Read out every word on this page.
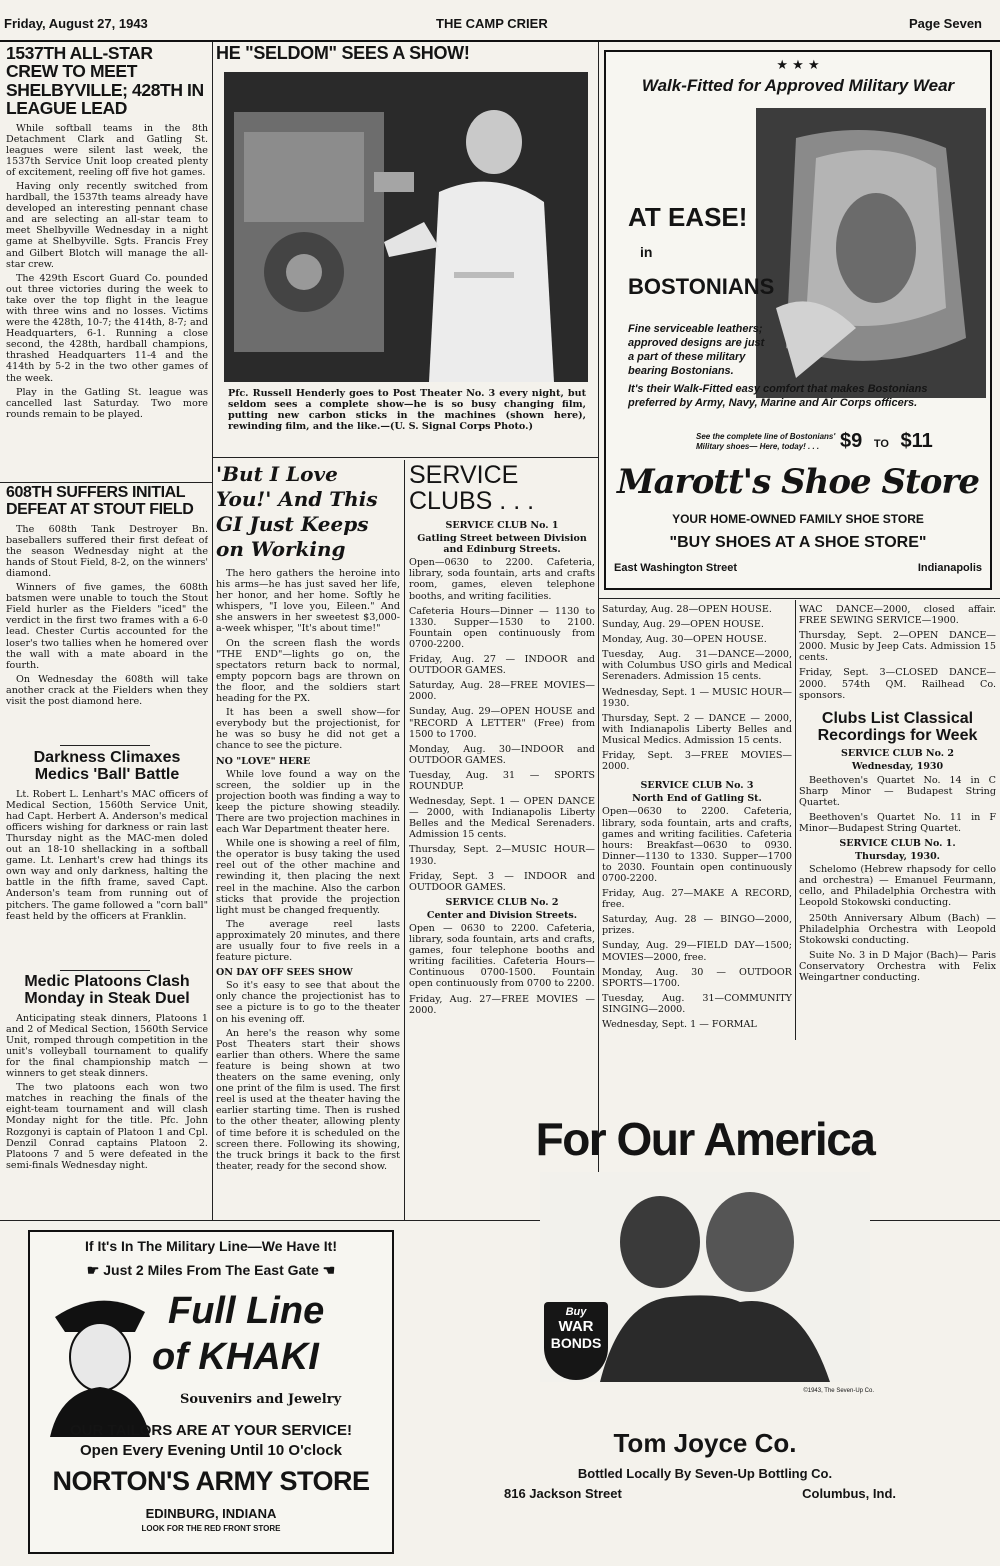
Friday, August 27, 1943	THE CAMP CRIER	Page Seven
1537TH ALL-STAR CREW TO MEET SHELBYVILLE; 428TH IN LEAGUE LEAD

While softball teams in the 8th Detachment Clark and Gatling St. leagues were silent last week, the 1537th Service Unit loop created plenty of excitement, reeling off five hot games.

Having only recently switched from hardball, the 1537th teams already have developed an interesting pennant chase and are selecting an all-star team to meet Shelbyville Wednesday in a night game at Shelbyville. Sgts. Francis Frey and Gilbert Blotch will manage the all-star crew.

The 429th Escort Guard Co. pounded out three victories during the week to take over the top flight in the league with three wins and no losses. Victims were the 428th, 10-7; the 414th, 8-7; and Headquarters, 6-1. Running a close second, the 428th, hardball champions, thrashed Headquarters 11-4 and the 414th by 5-2 in the two other games of the week.

Play in the Gatling St. league was cancelled last Saturday. Two more rounds remain to be played.

608TH SUFFERS INITIAL DEFEAT AT STOUT FIELD

The 608th Tank Destroyer Bn. baseballers suffered their first defeat of the season Wednesday night at the hands of Stout Field, 8-2, on the winners' diamond.

Winners of five games, the 608th batsmen were unable to touch the Stout Field hurler as the Fielders "iced" the verdict in the first two frames with a 6-0 lead. Chester Curtis accounted for the loser's two tallies when he homered over the wall with a mate aboard in the fourth.

On Wednesday the 608th will take another crack at the Fielders when they visit the post diamond here.

Darkness Climaxes Medics 'Ball' Battle

Lt. Robert L. Lenhart's MAC officers of Medical Section, 1560th Service Unit, had Capt. Herbert A. Anderson's medical officers wishing for darkness or rain last Thursday night as the MAC-men doled out an 18-10 shellacking in a softball game. Lt. Lenhart's crew had things its own way and only darkness, halting the battle in the fifth frame, saved Capt. Anderson's team from running out of pitchers. The game followed a "corn ball" feast held by the officers at Franklin.

Medic Platoons Clash Monday in Steak Duel

Anticipating steak dinners, Platoons 1 and 2 of Medical Section, 1560th Service Unit, romped through competition in the unit's volleyball tournament to qualify for the final championship match — winners to get steak dinners.

The two platoons each won two matches in reaching the finals of the eight-team tournament and will clash Monday night for the title. Pfc. John Rozgonyi is captain of Platoon 1 and Cpl. Denzil Conrad captains Platoon 2. Platoons 7 and 5 were defeated in the semi-finals Wednesday night.

HE "SELDOM" SEES A SHOW!
Pfc. Russell Henderly goes to Post Theater No. 3 every night, but seldom sees a complete show—he is so busy changing film, putting new carbon sticks in the machines (shown here), rewinding film, and the like.—(U. S. Signal Corps Photo.)
'But I Love You!' And This GI Just Keeps on Working

The hero gathers the heroine into his arms—he has just saved her life, her honor, and her home. Softly he whispers, "I love you, Eileen." And she answers in her sweetest $3,000-a-week whisper, "It's about time!"

On the screen flash the words "THE END"—lights go on, the spectators return back to normal, empty popcorn bags are thrown on the floor, and the soldiers start heading for the PX.

It has been a swell show—for everybody but the projectionist, for he was so busy he did not get a chance to see the picture.

NO "LOVE" HERE

While love found a way on the screen, the soldier up in the projection booth was finding a way to keep the picture showing steadily. There are two projection machines in each War Department theater here.

While one is showing a reel of film, the operator is busy taking the used reel out of the other machine and rewinding it, then placing the next reel in the machine. Also the carbon sticks that provide the projection light must be changed frequently.

The average reel lasts approximately 20 minutes, and there are usually four to five reels in a feature picture.

ON DAY OFF SEES SHOW

So it's easy to see that about the only chance the projectionist has to see a picture is to go to the theater on his evening off.

An here's the reason why some Post Theaters start their shows earlier than others. Where the same feature is being shown at two theaters on the same evening, only one print of the film is used. The first reel is used at the theater having the earlier starting time. Then is rushed to the other theater, allowing plenty of time before it is scheduled on the screen there. Following its showing, the truck brings it back to the first theater, ready for the second show.

SERVICE
CLUBS . . .
SERVICE CLUB No. 1
Gatling Street between Division and Edinburg Streets.

Open—0630 to 2200. Cafeteria, library, soda fountain, arts and crafts room, games, eleven telephone booths, and writing facilities.

Cafeteria Hours—Dinner — 1130 to 1330. Supper—1530 to 2100. Fountain open continuously from 0700-2200.

Friday, Aug. 27 — INDOOR and OUTDOOR GAMES.

Saturday, Aug. 28—FREE MOVIES—2000.

Sunday, Aug. 29—OPEN HOUSE and "RECORD A LETTER" (Free) from 1500 to 1700.

Monday, Aug. 30—INDOOR and OUTDOOR GAMES.

Tuesday, Aug. 31 — SPORTS ROUNDUP.

Wednesday, Sept. 1 — OPEN DANCE — 2000, with Indianapolis Liberty Belles and the Medical Serenaders. Admission 15 cents.

Thursday, Sept. 2—MUSIC HOUR—1930.

Friday, Sept. 3 — INDOOR and OUTDOOR GAMES.

SERVICE CLUB No. 2
Center and Division Streets.

Open — 0630 to 2200. Cafeteria, library, soda fountain, arts and crafts, games, four telephone booths and writing facilities. Cafeteria Hours—Continuous 0700-1500. Fountain open continuously from 0700 to 2200.

Friday, Aug. 27—FREE MOVIES —2000.

Saturday, Aug. 28—OPEN HOUSE.

Sunday, Aug. 29—OPEN HOUSE.

Monday, Aug. 30—OPEN HOUSE.

Tuesday, Aug. 31—DANCE—2000, with Columbus USO girls and Medical Serenaders. Admission 15 cents.

Wednesday, Sept. 1 — MUSIC HOUR—1930.

Thursday, Sept. 2 — DANCE — 2000, with Indianapolis Liberty Belles and Musical Medics. Admission 15 cents.

Friday, Sept. 3—FREE MOVIES—2000.

SERVICE CLUB No. 3
North End of Gatling St.

Open—0630 to 2200. Cafeteria, library, soda fountain, arts and crafts, games and writing facilities. Cafeteria hours: Breakfast—0630 to 0930. Dinner—1130 to 1330. Supper—1700 to 2030. Fountain open continuously 0700-2200.

Friday, Aug. 27—MAKE A RECORD, free.

Saturday, Aug. 28 — BINGO—2000, prizes.

Sunday, Aug. 29—FIELD DAY—1500; MOVIES—2000, free.

Monday, Aug. 30 — OUTDOOR SPORTS—1700.

Tuesday, Aug. 31—COMMUNITY SINGING—2000.

Wednesday, Sept. 1 — FORMAL

WAC DANCE—2000, closed affair. FREE SEWING SERVICE—1900.

Thursday, Sept. 2—OPEN DANCE—2000. Music by Jeep Cats. Admission 15 cents.

Friday, Sept. 3—CLOSED DANCE—2000. 574th QM. Railhead Co. sponsors.

Clubs List Classical Recordings for Week
SERVICE CLUB No. 2
Wednesday, 1930

Beethoven's Quartet No. 14 in C Sharp Minor — Budapest String Quartet.

Beethoven's Quartet No. 11 in F Minor—Budapest String Quartet.

SERVICE CLUB No. 1.
Thursday, 1930.

Schelomo (Hebrew rhapsody for cello and orchestra) — Emanuel Feurmann, cello, and Philadelphia Orchestra with Leopold Stokowski conducting.

250th Anniversary Album (Bach) —Philadelphia Orchestra with Leopold Stokowski conducting.

Suite No. 3 in D Major (Bach)— Paris Conservatory Orchestra with Felix Weingartner conducting.

★ ★ ★
Walk-Fitted for Approved Military Wear
AT EASE!
in
BOSTONIANS
Fine serviceable leathers; approved designs are just a part of these military bearing Bostonians.
It's their Walk-Fitted easy comfort that makes Bostonians preferred by Army, Navy, Marine and Air Corps officers.
See the complete line of Bostonians' Military shoes— Here, today! . . .	$9 TO $11
Marott's Shoe Store
YOUR HOME-OWNED FAMILY SHOE STORE
"BUY SHOES AT A SHOE STORE"
East Washington Street	Indianapolis
If It's In The Military Line—We Have It!
☛ Just 2 Miles From The East Gate ☚
Full Line
of KHAKI
Souvenirs and Jewelry
OUR TAILORS ARE AT YOUR SERVICE!
Open Every Evening Until 10 O'clock
NORTON'S ARMY STORE
EDINBURG, INDIANA
LOOK FOR THE RED FRONT STORE
For Our America
Buy
WAR
BONDS
©1943, The Seven-Up Co.
Tom Joyce Co.
Bottled Locally By Seven-Up Bottling Co.
816 Jackson Street	Columbus, Ind.
